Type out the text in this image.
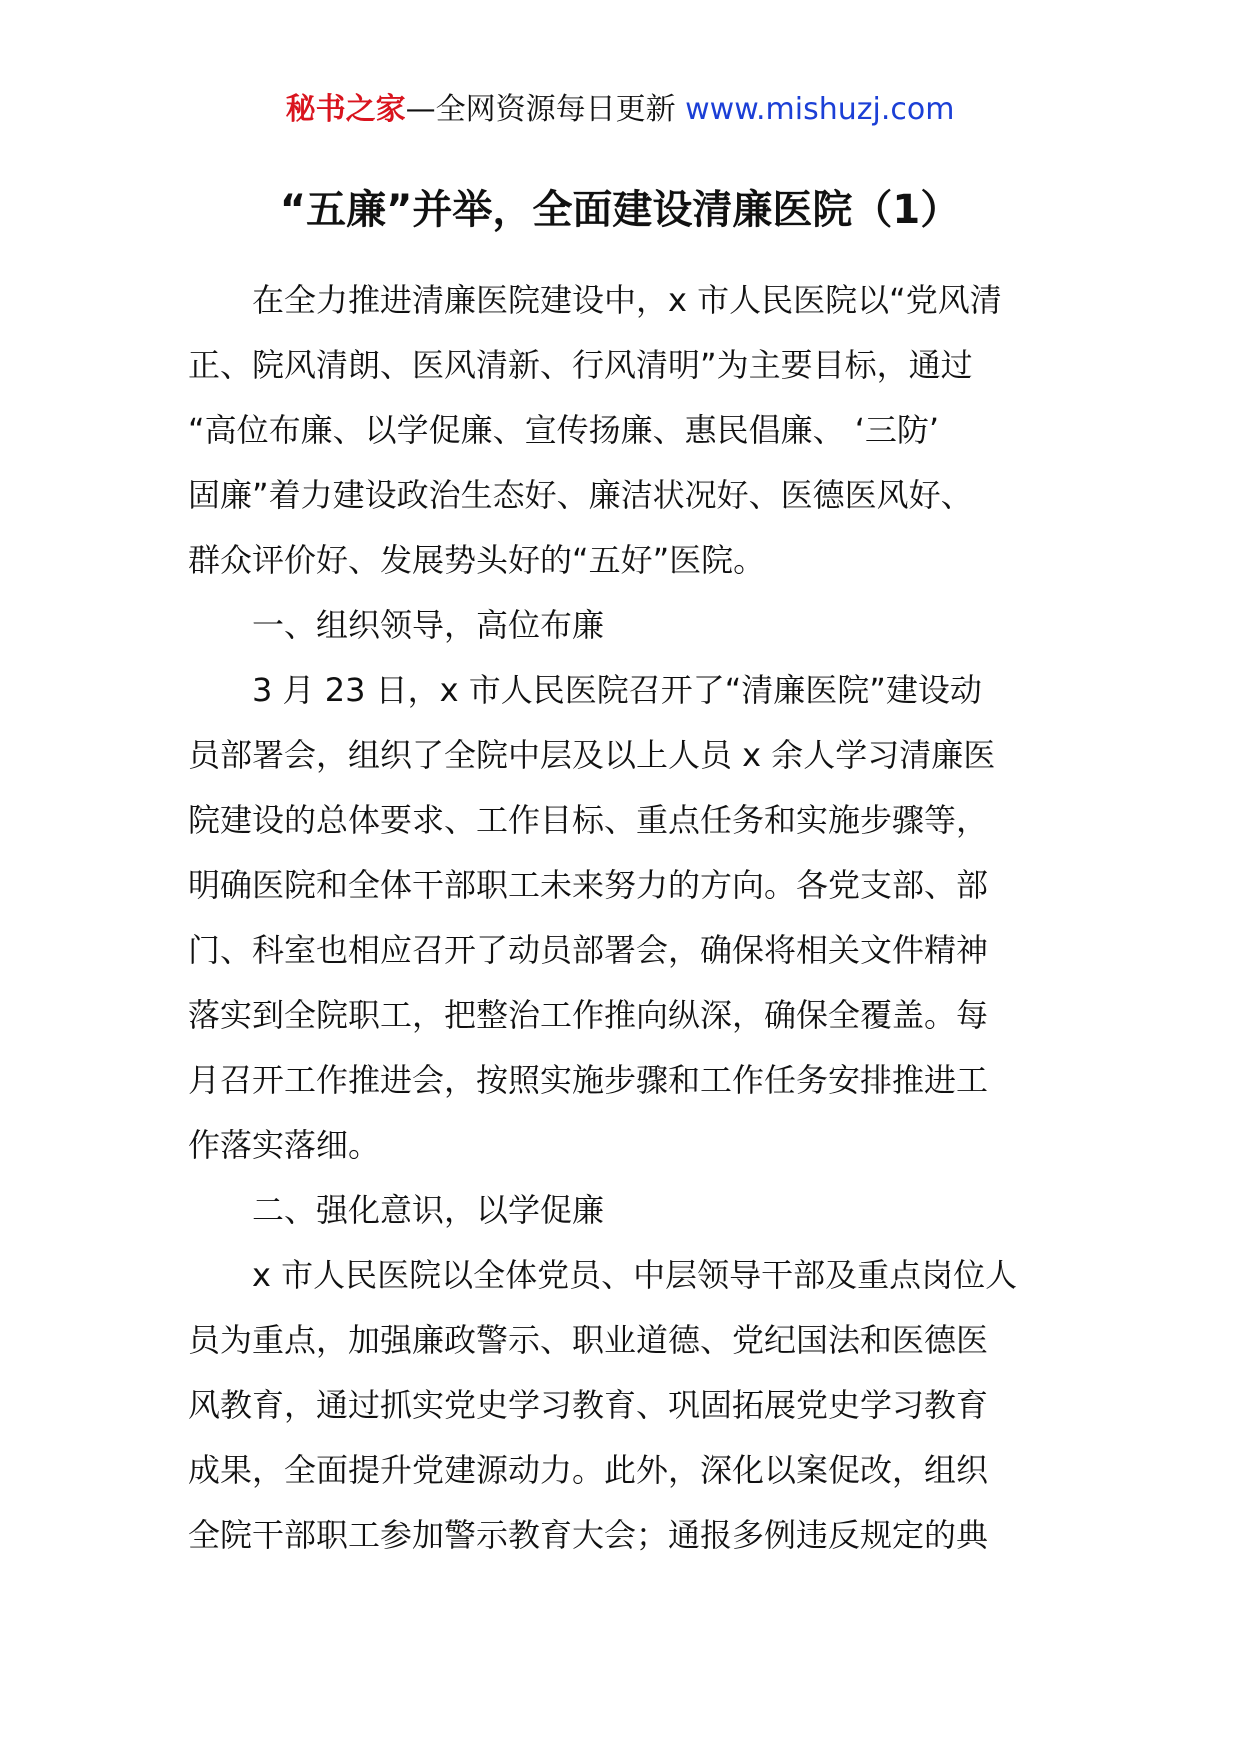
秘书之家—全网资源每日更新 www.mishuzj.com
“五廉”并举，全面建设清廉医院（1）

在全力推进清廉医院建设中，x 市人民医院以“党风清
正、院风清朗、医风清新、行风清明”为主要目标，通过
“高位布廉、以学促廉、宣传扬廉、惠民倡廉、 ‘三防’
固廉”着力建设政治生态好、廉洁状况好、医德医风好、
群众评价好、发展势头好的“五好”医院。

一、组织领导，高位布廉

3 月 23 日，x 市人民医院召开了“清廉医院”建设动
员部署会，组织了全院中层及以上人员 x 余人学习清廉医
院建设的总体要求、工作目标、重点任务和实施步骤等，
明确医院和全体干部职工未来努力的方向。各党支部、部
门、科室也相应召开了动员部署会，确保将相关文件精神
落实到全院职工，把整治工作推向纵深，确保全覆盖。每
月召开工作推进会，按照实施步骤和工作任务安排推进工
作落实落细。

二、强化意识，以学促廉

x 市人民医院以全体党员、中层领导干部及重点岗位人
员为重点，加强廉政警示、职业道德、党纪国法和医德医
风教育，通过抓实党史学习教育、巩固拓展党史学习教育
成果，全面提升党建源动力。此外，深化以案促改，组织
全院干部职工参加警示教育大会；通报多例违反规定的典
